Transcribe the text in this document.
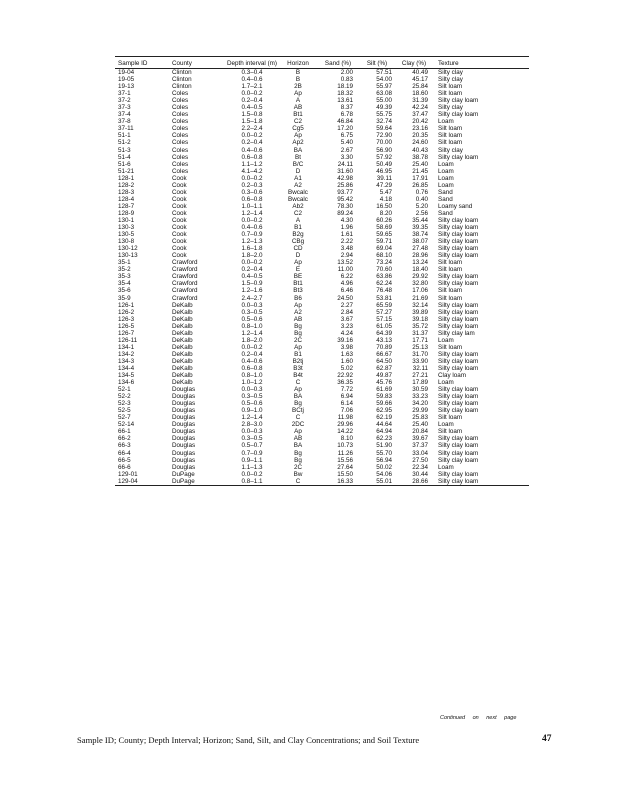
Sample ID	County	Depth interval (m)	Horizon	Sand (%)	Silt (%)	Clay (%)	Texture
19-04	Clinton	0.3–0.4	B	2.00	57.51	40.49	Silty clay
19-05	Clinton	0.4–0.6	B	0.83	54.00	45.17	Silty clay
19-13	Clinton	1.7–2.1	2B	18.19	55.97	25.84	Silt loam
37-1	Coles	0.0–0.2	Ap	18.32	63.08	18.60	Silt loam
37-2	Coles	0.2–0.4	A	13.61	55.00	31.39	Silty clay loam
37-3	Coles	0.4–0.5	AB	8.37	49.39	42.24	Silty clay
37-4	Coles	1.5–0.8	Bt1	6.78	55.75	37.47	Silty clay loam
37-8	Coles	1.5–1.8	C2	46.84	32.74	20.42	Loam
37-11	Coles	2.2–2.4	Cg5	17.20	59.64	23.16	Silt loam
51-1	Coles	0.0–0.2	Ap	6.75	72.90	20.35	Silt loam
51-2	Coles	0.2–0.4	Ap2	5.40	70.00	24.60	Silt loam
51-3	Coles	0.4–0.6	BA	2.67	56.90	40.43	Silty clay
51-4	Coles	0.6–0.8	Bt	3.30	57.92	38.78	Silty clay loam
51-6	Coles	1.1–1.2	B/C	24.11	50.49	25.40	Loam
51-21	Coles	4.1–4.2	D	31.60	46.95	21.45	Loam
128-1	Cook	0.0–0.2	A1	42.98	39.11	17.91	Loam
128-2	Cook	0.2–0.3	A2	25.86	47.29	26.85	Loam
128-3	Cook	0.3–0.6	Bwcalc	93.77	5.47	0.76	Sand
128-4	Cook	0.6–0.8	Bwcalc	95.42	4.18	0.40	Sand
128-7	Cook	1.0–1.1	Ab2	78.30	16.50	5.20	Loamy sand
128-9	Cook	1.2–1.4	C2	89.24	8.20	2.56	Sand
130-1	Cook	0.0–0.2	A	4.30	60.26	35.44	Silty clay loam
130-3	Cook	0.4–0.6	B1	1.96	58.69	39.35	Silty clay loam
130-5	Cook	0.7–0.9	B2g	1.61	59.65	38.74	Silty clay loam
130-8	Cook	1.2–1.3	CBg	2.22	59.71	38.07	Silty clay loam
130-12	Cook	1.6–1.8	CD	3.48	69.04	27.48	Silty clay loam
130-13	Cook	1.8–2.0	D	2.94	68.10	28.96	Silty clay loam
35-1	Crawford	0.0–0.2	Ap	13.52	73.24	13.24	Silt loam
35-2	Crawford	0.2–0.4	E	11.00	70.60	18.40	Silt loam
35-3	Crawford	0.4–0.5	BE	6.22	63.86	29.92	Silty clay loam
35-4	Crawford	1.5–0.9	Bt1	4.96	62.24	32.80	Silty clay loam
35-6	Crawford	1.2–1.6	Bt3	6.46	76.48	17.06	Silt loam
35-9	Crawford	2.4–2.7	B6	24.50	53.81	21.69	Silt loam
126-1	DeKalb	0.0–0.3	Ap	2.27	65.59	32.14	Silty clay loam
126-2	DeKalb	0.3–0.5	A2	2.84	57.27	39.89	Silty clay loam
126-3	DeKalb	0.5–0.6	AB	3.67	57.15	39.18	Silty clay loam
126-5	DeKalb	0.8–1.0	Bg	3.23	61.05	35.72	Silty clay loam
126-7	DeKalb	1.2–1.4	Bg	4.24	64.39	31.37	Silty clay lam
126-11	DeKalb	1.8–2.0	2C	39.16	43.13	17.71	Loam
134-1	DeKalb	0.0–0.2	Ap	3.98	70.89	25.13	Silt loam
134-2	DeKalb	0.2–0.4	B1	1.63	66.67	31.70	Silty clay loam
134-3	DeKalb	0.4–0.6	B2tj	1.60	64.50	33.90	Silty clay loam
134-4	DeKalb	0.6–0.8	B3t	5.02	62.87	32.11	Silty clay loam
134-5	DeKalb	0.8–1.0	B4t	22.92	49.87	27.21	Clay loam
134-6	DeKalb	1.0–1.2	C	36.35	45.76	17.89	Loam
52-1	Douglas	0.0–0.3	Ap	7.72	61.69	30.59	Silty clay loam
52-2	Douglas	0.3–0.5	BA	6.94	59.83	33.23	Silty clay loam
52-3	Douglas	0.5–0.6	Bg	6.14	59.66	34.20	Silty clay loam
52-5	Douglas	0.9–1.0	BCtj	7.06	62.95	29.99	Silty clay loam
52-7	Douglas	1.2–1.4	C	11.98	62.19	25.83	Silt loam
52-14	Douglas	2.8–3.0	2DC	29.96	44.64	25.40	Loam
66-1	Douglas	0.0–0.3	Ap	14.22	64.94	20.84	Silt loam
66-2	Douglas	0.3–0.5	AB	8.10	62.23	39.67	Silty clay loam
66-3	Douglas	0.5–0.7	BA	10.73	51.90	37.37	Silty clay loam
66-4	Douglas	0.7–0.9	Bg	11.26	55.70	33.04	Silty clay loam
66-5	Douglas	0.9–1.1	Bg	15.56	56.94	27.50	Silty clay loam
66-6	Douglas	1.1–1.3	2C	27.64	50.02	22.34	Loam
129-01	DuPage	0.0–0.2	Bw	15.50	54.06	30.44	Silty clay loam
129-04	DuPage	0.8–1.1	C	16.33	55.01	28.66	Silty clay loam
Continued on next page
Sample ID; County; Depth Interval; Horizon; Sand, Silt, and Clay Concentrations; and Soil Texture	47
